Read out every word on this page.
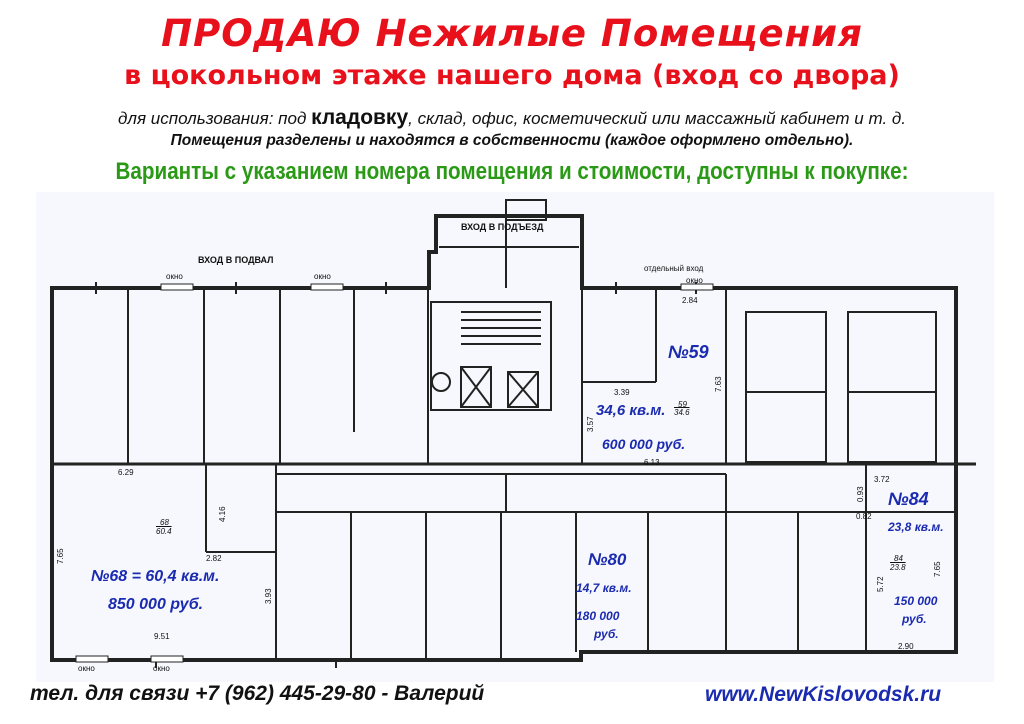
ПРОДАЮ Нежилые Помещения
в цокольном этаже нашего дома (вход со двора)
для использования: под кладовку, склад, офис, косметический или массажный кабинет и т. д.
Помещения разделены и находятся в собственности (каждое оформлено отдельно).
Варианты с указанием номера помещения и стоимости, доступны к покупке:
ВХОД В ПОДЪЕЗД
ВХОД В ПОДВАЛ
отдельный вход
окно	окно	окно
окно	окно
2.84
3.39
7.63
3.57
6.29
6.13
3.72
0.93
0.82
4.16
2.82
3.93
7.65
9.51
5.72
7.65
2.90
59
34.6
68
60.4
84
23.8
№59
34,6 кв.м.
600 000 руб.
№84
23,8 кв.м.
150 000
руб.
№68 = 60,4 кв.м.
850 000 руб.
№80
14,7 кв.м.
180 000
руб.
тел. для связи +7 (962) 445-29-80 - Валерий	www.NewKislovodsk.ru
